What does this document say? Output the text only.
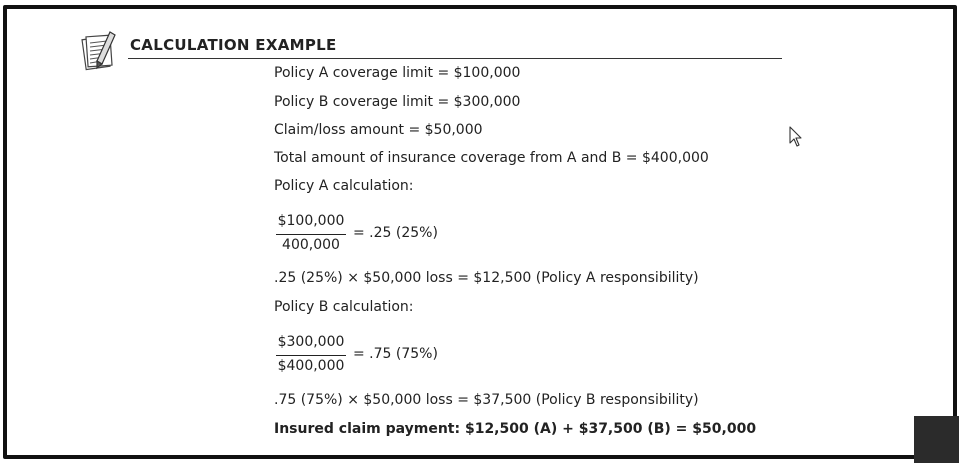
CALCULATION EXAMPLE
Policy A coverage limit = $100,000
Policy B coverage limit = $300,000
Claim/loss amount = $50,000
Total amount of insurance coverage from A and B = $400,000
Policy A calculation:
$100,000
400,000
= .25 (25%)
.25 (25%) × $50,000 loss = $12,500 (Policy A responsibility)
Policy B calculation:
$300,000
$400,000
= .75 (75%)
.75 (75%) × $50,000 loss = $37,500 (Policy B responsibility)
Insured claim payment: $12,500 (A) + $37,500 (B) = $50,000
